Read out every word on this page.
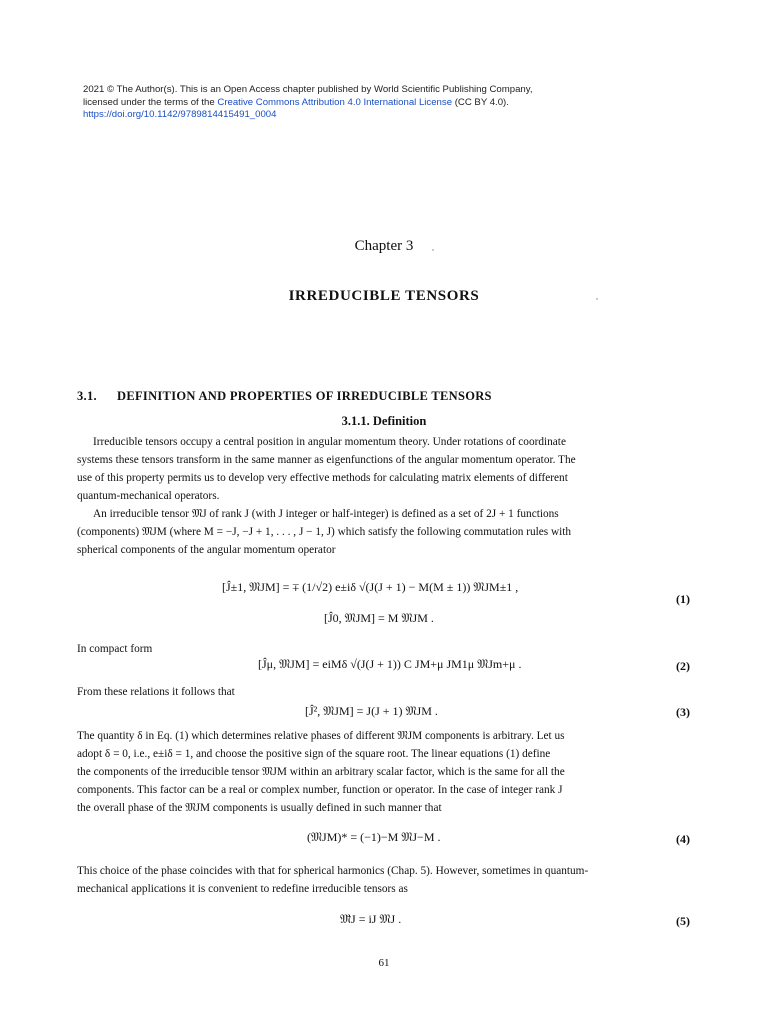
2021 © The Author(s). This is an Open Access chapter published by World Scientific Publishing Company,
licensed under the terms of the Creative Commons Attribution 4.0 International License (CC BY 4.0).
https://doi.org/10.1142/9789814415491_0004
Chapter 3
IRREDUCIBLE TENSORS
3.1. DEFINITION AND PROPERTIES OF IRREDUCIBLE TENSORS
3.1.1. Definition
Irreducible tensors occupy a central position in angular momentum theory. Under rotations of coordinate
systems these tensors transform in the same manner as eigenfunctions of the angular momentum operator. The
use of this property permits us to develop very effective methods for calculating matrix elements of different
quantum-mechanical operators.
An irreducible tensor 𝔐J of rank J (with J integer or half-integer) is defined as a set of 2J + 1 functions
(components) 𝔐JM (where M = −J, −J + 1, . . . , J − 1, J) which satisfy the following commutation rules with
spherical components of the angular momentum operator
[Ĵ±1, 𝔐JM] = ∓ (1/√2) e±iδ √(J(J + 1) − M(M ± 1)) 𝔐JM±1 ,
[Ĵ0, 𝔐JM] = M 𝔐JM .
(1)
In compact form
[Ĵμ, 𝔐JM] = eiMδ √(J(J + 1)) C JM+μ JM1μ 𝔐Jm+μ .	(2)
From these relations it follows that
[Ĵ², 𝔐JM] = J(J + 1) 𝔐JM .	(3)
The quantity δ in Eq. (1) which determines relative phases of different 𝔐JM components is arbitrary. Let us
adopt δ = 0, i.e., e±iδ = 1, and choose the positive sign of the square root. The linear equations (1) define
the components of the irreducible tensor 𝔐JM within an arbitrary scalar factor, which is the same for all the
components. This factor can be a real or complex number, function or operator. In the case of integer rank J
the overall phase of the 𝔐JM components is usually defined in such manner that
(𝔐JM)* = (−1)−M 𝔐J−M .	(4)
This choice of the phase coincides with that for spherical harmonics (Chap. 5). However, sometimes in quantum-
mechanical applications it is convenient to redefine irreducible tensors as
𝔐̃J = iJ 𝔐J .	(5)
61
